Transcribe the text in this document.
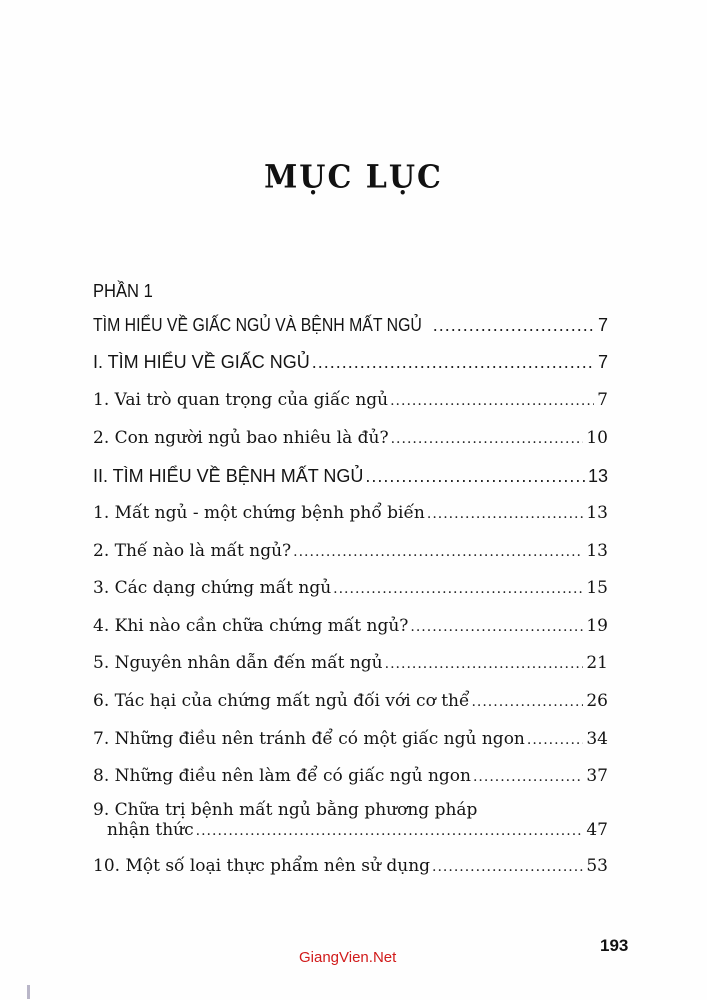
MỤC LỤC
PHẦN 1
TÌM HIỂU VỀ GIẤC NGỦ VÀ BỆNH MẤT NGỦ .....	7
I. TÌM HIỂU VỀ GIẤC NGỦ .....	7
1. Vai trò quan trọng của giấc ngủ .....	7
2. Con người ngủ bao nhiêu là đủ? .....	10
II. TÌM HIỂU VỀ BỆNH MẤT NGỦ .....	13
1. Mất ngủ - một chứng bệnh phổ biến .....	13
2. Thế nào là mất ngủ? .....	13
3. Các dạng chứng mất ngủ .....	15
4. Khi nào cần chữa chứng mất ngủ? .....	19
5. Nguyên nhân dẫn đến mất ngủ .....	21
6. Tác hại của chứng mất ngủ đối với cơ thể .....	26
7. Những điều nên tránh để có một giấc ngủ ngon .....	34
8. Những điều nên làm để có giấc ngủ ngon .....	37
9. Chữa trị bệnh mất ngủ bằng phương pháp
nhận thức .....	47
10. Một số loại thực phẩm nên sử dụng .....	53
193
GiangVien.Net
